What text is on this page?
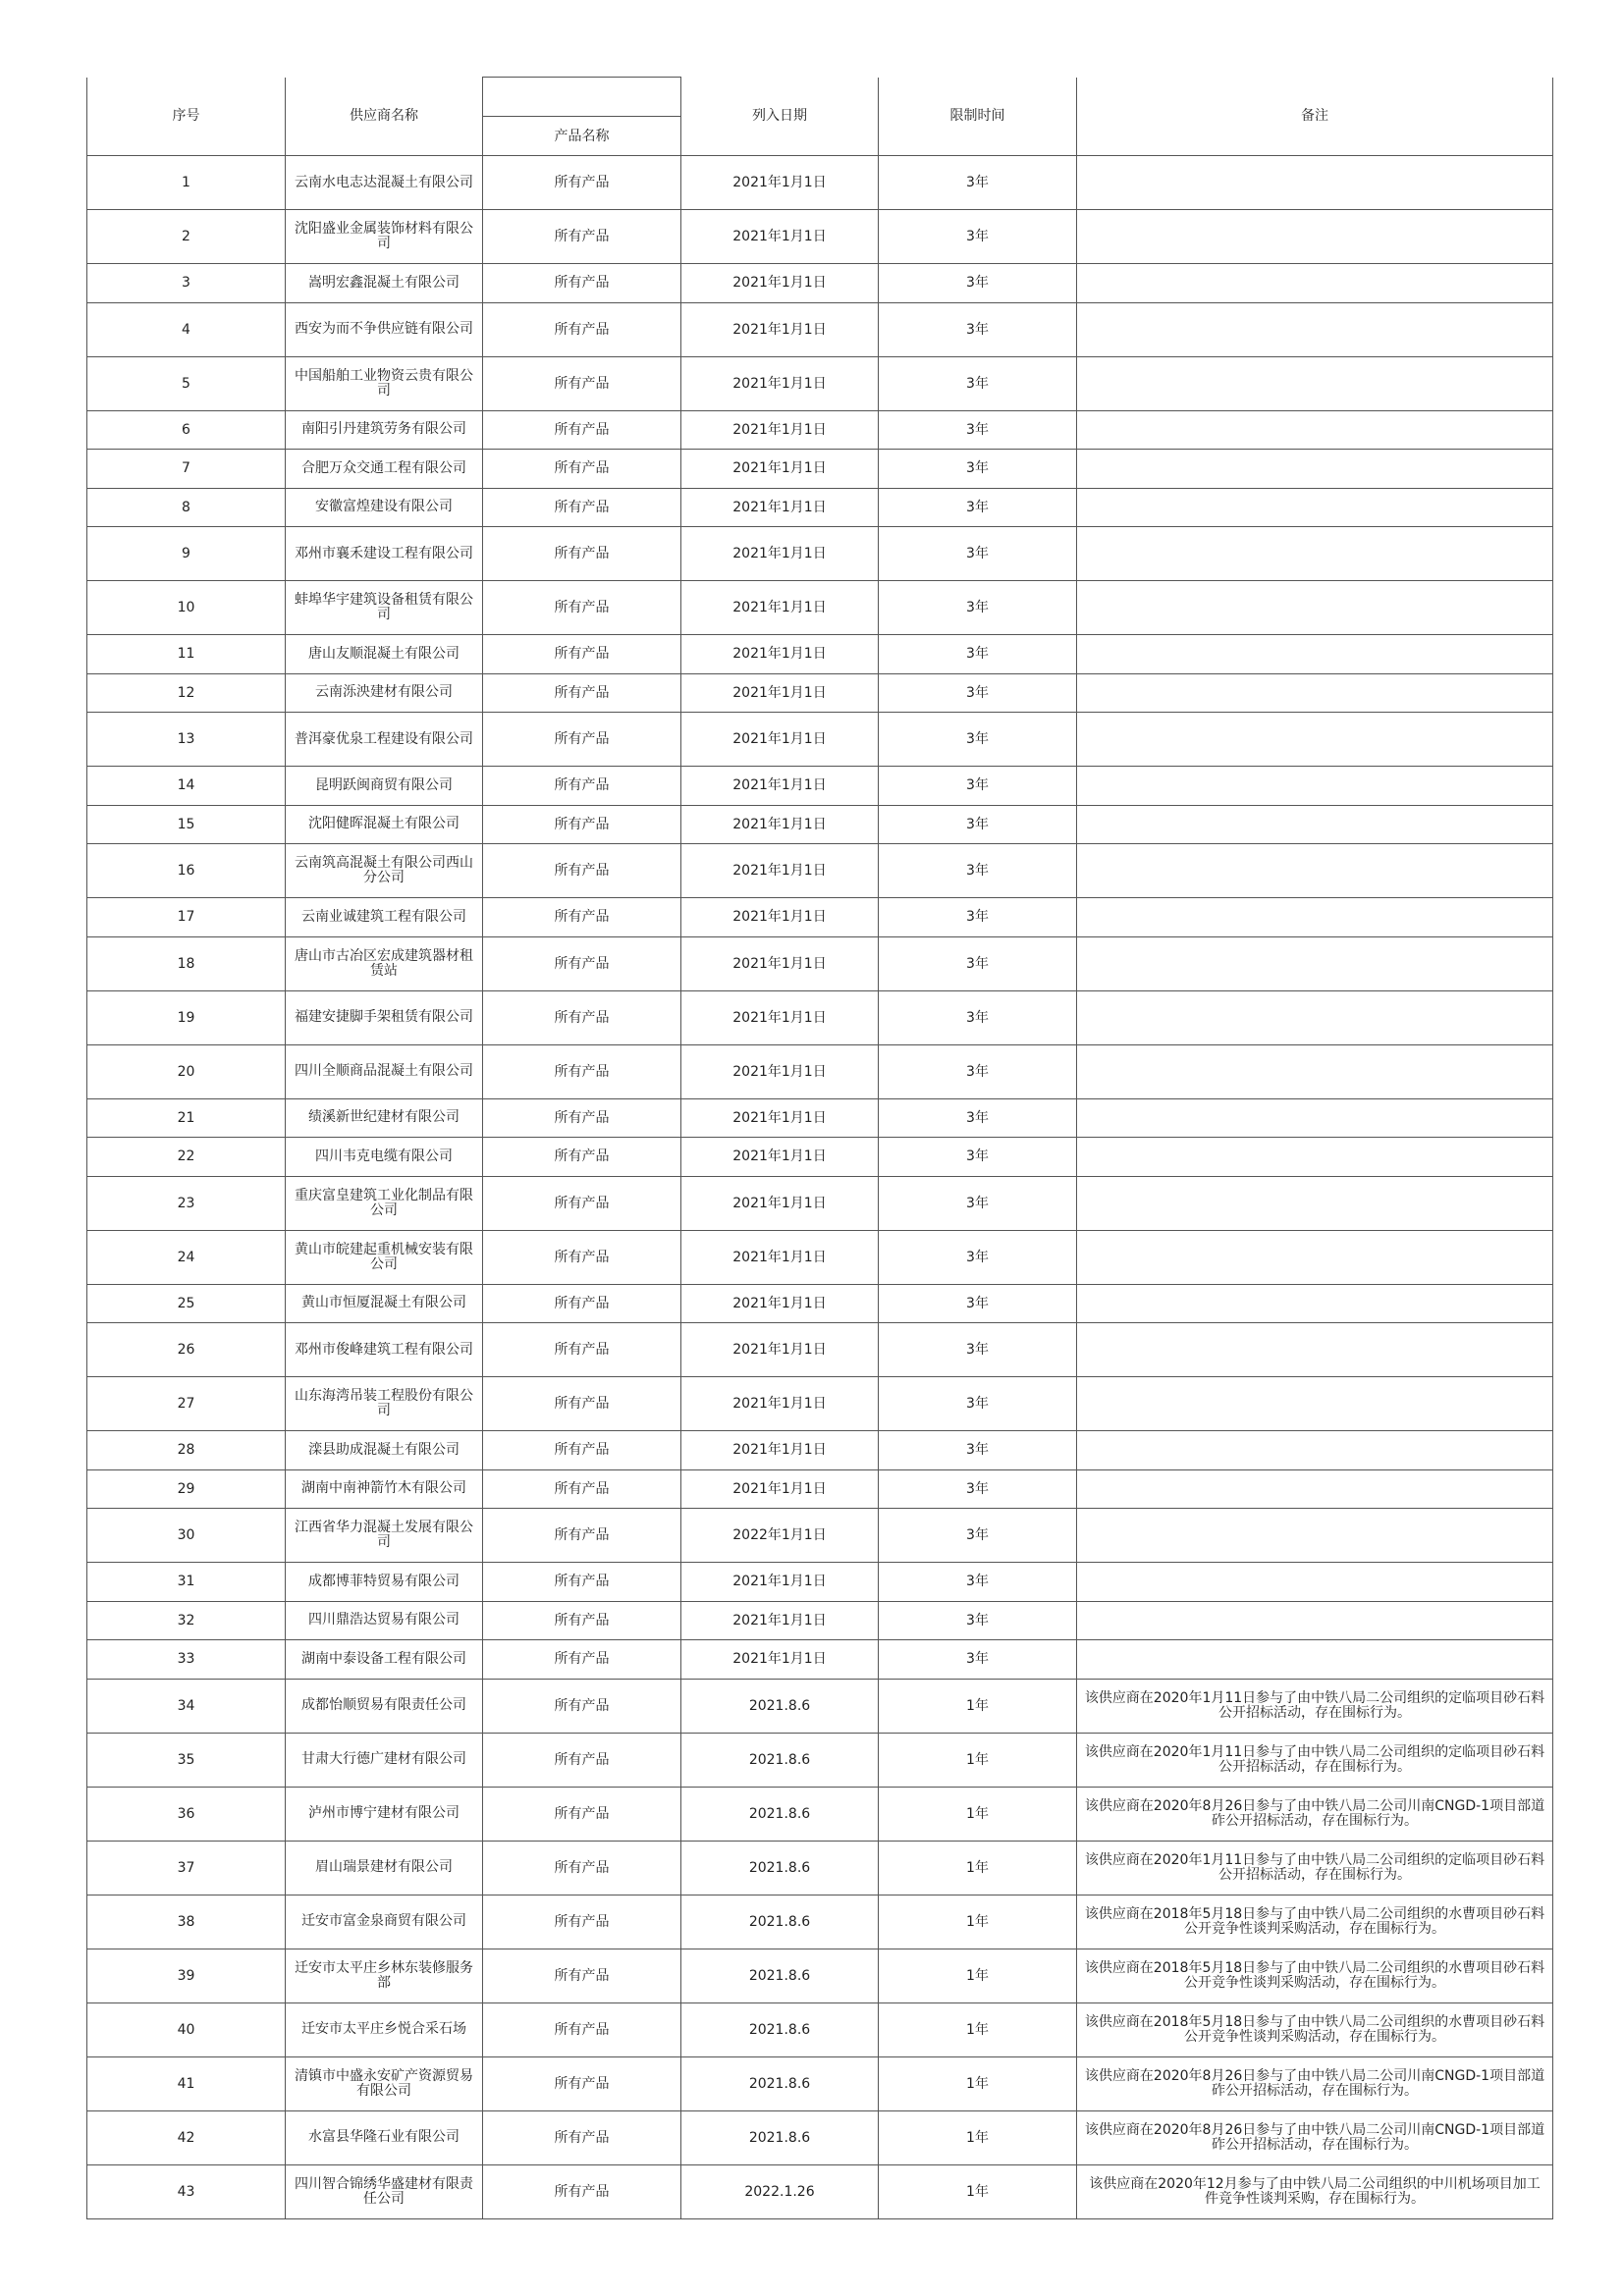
序号	供应商名称		列入日期	限制时间	备注
		产品名称			
1	云南水电志达混凝土有限公司	所有产品	2021年1月1日	3年	
2	沈阳盛业金属装饰材料有限公司	所有产品	2021年1月1日	3年	
3	嵩明宏鑫混凝土有限公司	所有产品	2021年1月1日	3年	
4	西安为而不争供应链有限公司	所有产品	2021年1月1日	3年	
5	中国船舶工业物资云贵有限公司	所有产品	2021年1月1日	3年	
6	南阳引丹建筑劳务有限公司	所有产品	2021年1月1日	3年	
7	合肥万众交通工程有限公司	所有产品	2021年1月1日	3年	
8	安徽富煌建设有限公司	所有产品	2021年1月1日	3年	
9	邓州市襄禾建设工程有限公司	所有产品	2021年1月1日	3年	
10	蚌埠华宇建筑设备租赁有限公司	所有产品	2021年1月1日	3年	
11	唐山友顺混凝土有限公司	所有产品	2021年1月1日	3年	
12	云南泺泱建材有限公司	所有产品	2021年1月1日	3年	
13	普洱豪优泉工程建设有限公司	所有产品	2021年1月1日	3年	
14	昆明跃闽商贸有限公司	所有产品	2021年1月1日	3年	
15	沈阳健晖混凝土有限公司	所有产品	2021年1月1日	3年	
16	云南筑高混凝土有限公司西山分公司	所有产品	2021年1月1日	3年	
17	云南业诚建筑工程有限公司	所有产品	2021年1月1日	3年	
18	唐山市古冶区宏成建筑器材租赁站	所有产品	2021年1月1日	3年	
19	福建安捷脚手架租赁有限公司	所有产品	2021年1月1日	3年	
20	四川全顺商品混凝土有限公司	所有产品	2021年1月1日	3年	
21	绩溪新世纪建材有限公司	所有产品	2021年1月1日	3年	
22	四川韦克电缆有限公司	所有产品	2021年1月1日	3年	
23	重庆富皇建筑工业化制品有限公司	所有产品	2021年1月1日	3年	
24	黄山市皖建起重机械安装有限公司	所有产品	2021年1月1日	3年	
25	黄山市恒厦混凝土有限公司	所有产品	2021年1月1日	3年	
26	邓州市俊峰建筑工程有限公司	所有产品	2021年1月1日	3年	
27	山东海湾吊装工程股份有限公司	所有产品	2021年1月1日	3年	
28	滦县助成混凝土有限公司	所有产品	2021年1月1日	3年	
29	湖南中南神箭竹木有限公司	所有产品	2021年1月1日	3年	
30	江西省华力混凝土发展有限公司	所有产品	2022年1月1日	3年	
31	成都博菲特贸易有限公司	所有产品	2021年1月1日	3年	
32	四川鼎浩达贸易有限公司	所有产品	2021年1月1日	3年	
33	湖南中泰设备工程有限公司	所有产品	2021年1月1日	3年	
34	成都怡顺贸易有限责任公司	所有产品	2021.8.6	1年	该供应商在2020年1月11日参与了由中铁八局二公司组织的定临项目砂石料公开招标活动，存在围标行为。
35	甘肃大行德广建材有限公司	所有产品	2021.8.6	1年	该供应商在2020年1月11日参与了由中铁八局二公司组织的定临项目砂石料公开招标活动，存在围标行为。
36	泸州市博宁建材有限公司	所有产品	2021.8.6	1年	该供应商在2020年8月26日参与了由中铁八局二公司川南CNGD-1项目部道砟公开招标活动，存在围标行为。
37	眉山瑞景建材有限公司	所有产品	2021.8.6	1年	该供应商在2020年1月11日参与了由中铁八局二公司组织的定临项目砂石料公开招标活动，存在围标行为。
38	迁安市富金泉商贸有限公司	所有产品	2021.8.6	1年	该供应商在2018年5月18日参与了由中铁八局二公司组织的水曹项目砂石料公开竞争性谈判采购活动，存在围标行为。
39	迁安市太平庄乡林东装修服务部	所有产品	2021.8.6	1年	该供应商在2018年5月18日参与了由中铁八局二公司组织的水曹项目砂石料公开竞争性谈判采购活动，存在围标行为。
40	迁安市太平庄乡悦合采石场	所有产品	2021.8.6	1年	该供应商在2018年5月18日参与了由中铁八局二公司组织的水曹项目砂石料公开竞争性谈判采购活动，存在围标行为。
41	清镇市中盛永安矿产资源贸易有限公司	所有产品	2021.8.6	1年	该供应商在2020年8月26日参与了由中铁八局二公司川南CNGD-1项目部道砟公开招标活动，存在围标行为。
42	水富县华隆石业有限公司	所有产品	2021.8.6	1年	该供应商在2020年8月26日参与了由中铁八局二公司川南CNGD-1项目部道砟公开招标活动，存在围标行为。
43	四川智合锦绣华盛建材有限责任公司	所有产品	2022.1.26	1年	该供应商在2020年12月参与了由中铁八局二公司组织的中川机场项目加工件竞争性谈判采购，存在围标行为。
